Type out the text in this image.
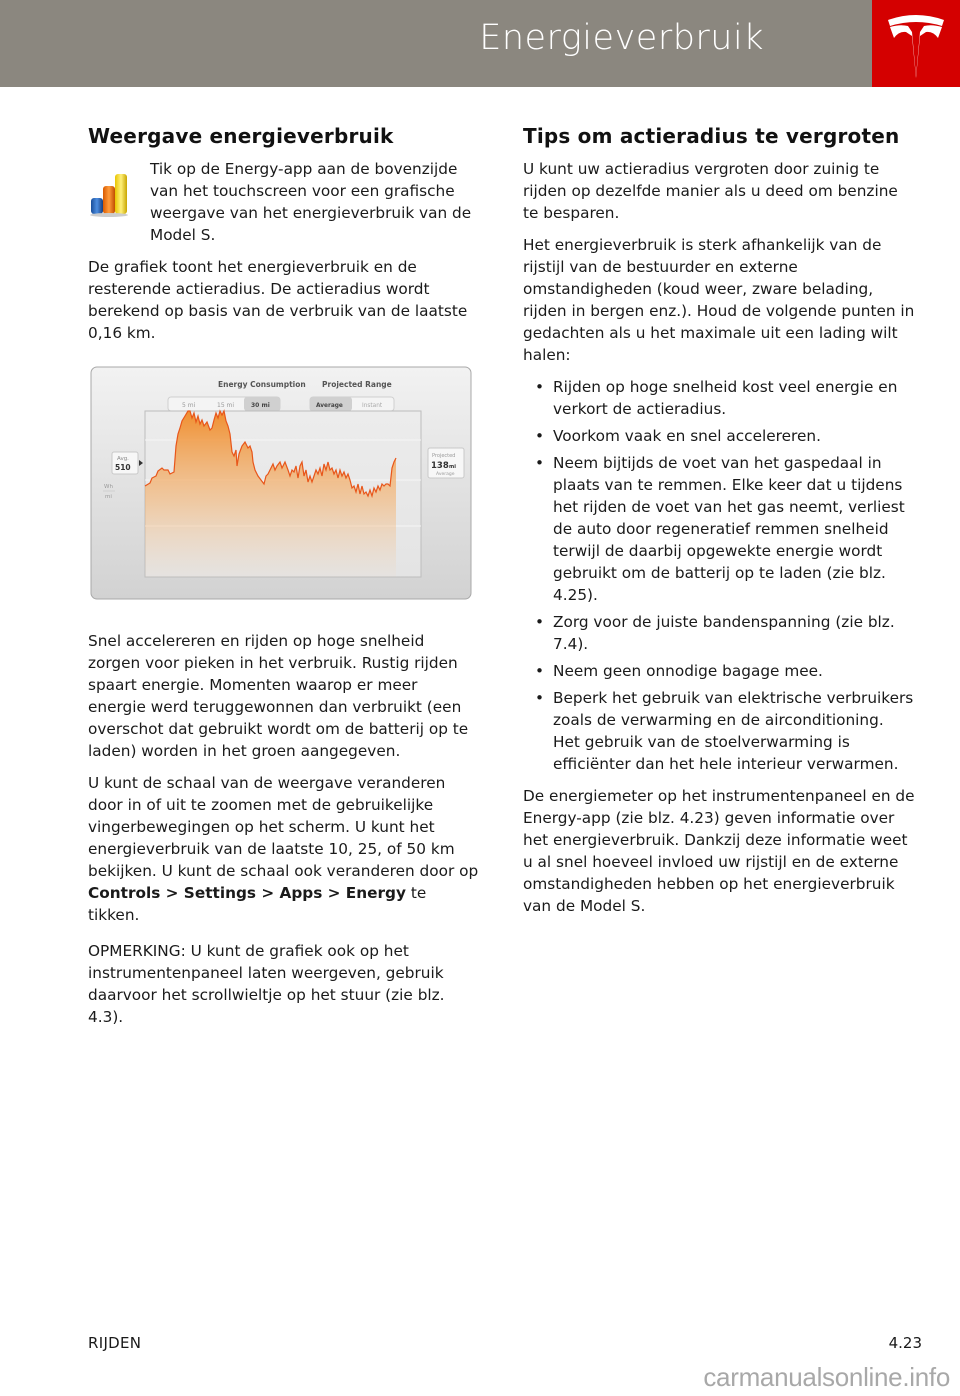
Energieverbruik
Weergave energieverbruik

Tik op de Energy-app aan de bovenzijde van het touchscreen voor een grafische weergave van het energieverbruik van de Model S.

De grafiek toont het energieverbruik en de resterende actieradius. De actieradius wordt berekend op basis van de verbruik van de laatste 0,16 km.

Energy Consumption Projected Range
5 mi	15 mi	30 mi	Average	Instant
Avg.
510
Wh
mi
Projected
138 mi
Average

Snel accelereren en rijden op hoge snelheid zorgen voor pieken in het verbruik. Rustig rijden spaart energie. Momenten waarop er meer energie werd teruggewonnen dan verbruikt (een overschot dat gebruikt wordt om de batterij op te laden) worden in het groen aangegeven.

U kunt de schaal van de weergave veranderen door in of uit te zoomen met de gebruikelijke vingerbewegingen op het scherm. U kunt het energieverbruik van de laatste 10, 25, of 50 km bekijken. U kunt de schaal ook veranderen door op Controls > Settings > Apps > Energy te tikken.

OPMERKING: U kunt de grafiek ook op het instrumentenpaneel laten weergeven, gebruik daarvoor het scrollwieltje op het stuur (zie blz. 4.3).

Tips om actieradius te vergroten

U kunt uw actieradius vergroten door zuinig te rijden op dezelfde manier als u deed om benzine te besparen.

Het energieverbruik is sterk afhankelijk van de rijstijl van de bestuurder en externe omstandigheden (koud weer, zware belading, rijden in bergen enz.). Houd de volgende punten in gedachten als u het maximale uit een lading wilt halen:

• Rijden op hoge snelheid kost veel energie en verkort de actieradius.
• Voorkom vaak en snel accelereren.
• Neem bijtijds de voet van het gaspedaal in plaats van te remmen. Elke keer dat u tijdens het rijden de voet van het gas neemt, verliest de auto door regeneratief remmen snelheid terwijl de daarbij opgewekte energie wordt gebruikt om de batterij op te laden (zie blz. 4.25).
• Zorg voor de juiste bandenspanning (zie blz. 7.4).
• Neem geen onnodige bagage mee.
• Beperk het gebruik van elektrische verbruikers zoals de verwarming en de airconditioning. Het gebruik van de stoelverwarming is efficiënter dan het hele interieur verwarmen.

De energiemeter op het instrumentenpaneel en de Energy-app (zie blz. 4.23) geven informatie over het energieverbruik. Dankzij deze informatie weet u al snel hoeveel invloed uw rijstijl en de externe omstandigheden hebben op het energieverbruik van de Model S.

RIJDEN	4.23
carmanualsonline.info
